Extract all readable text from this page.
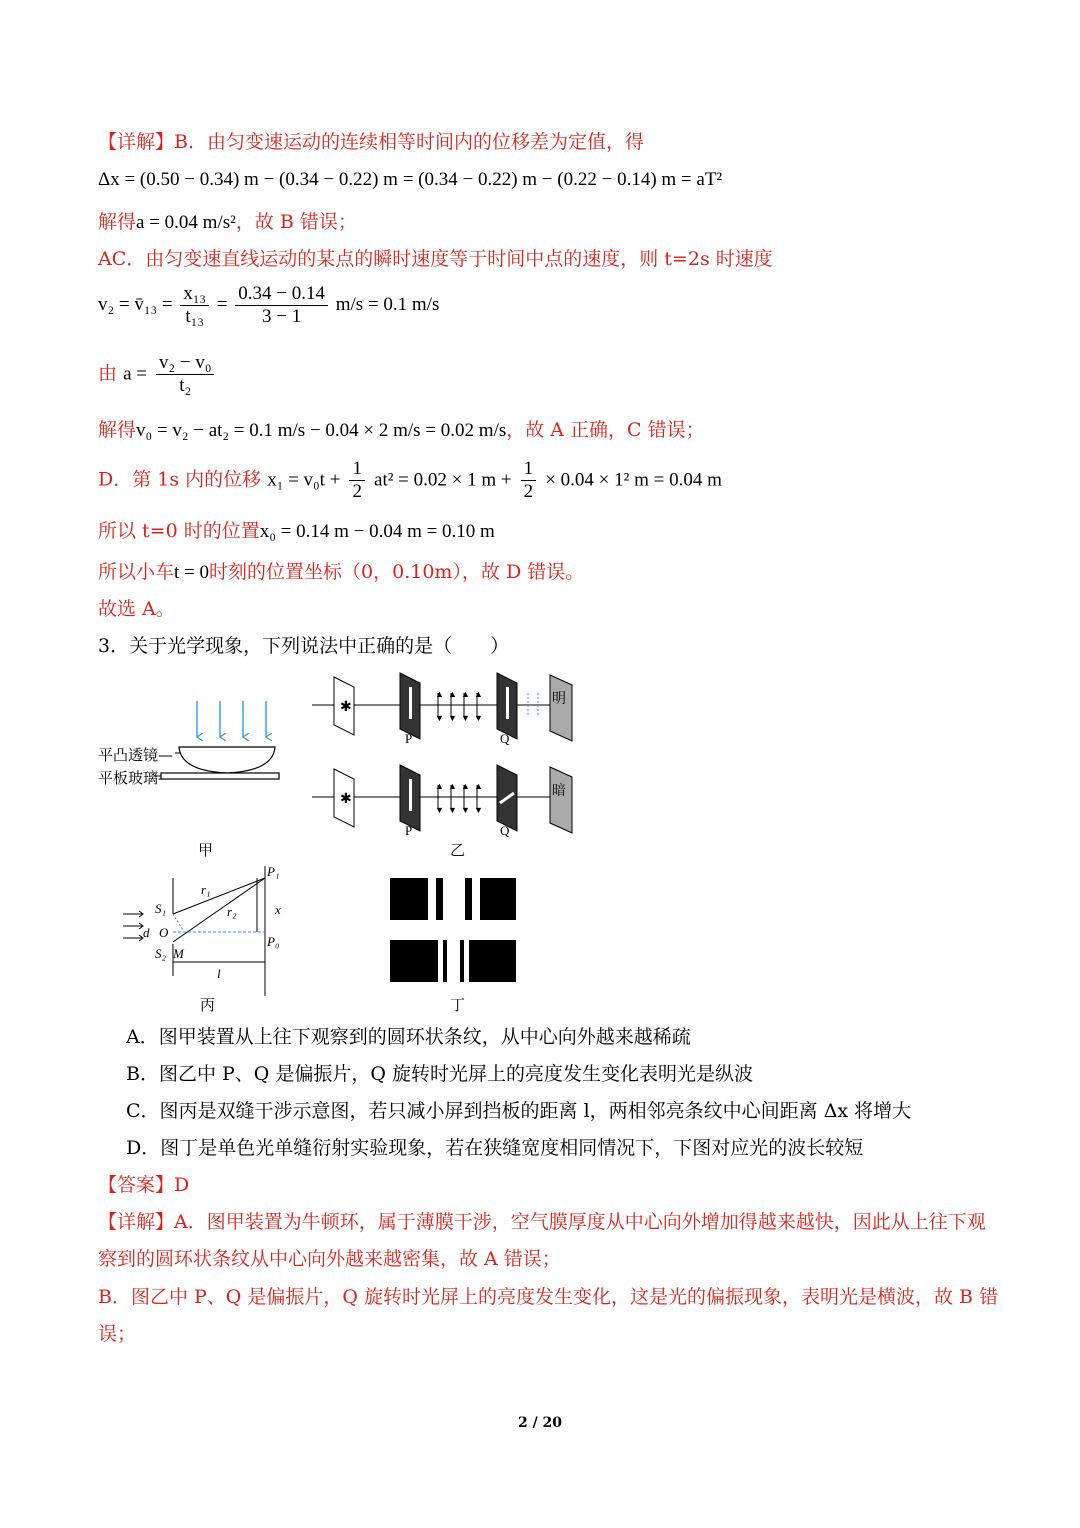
【详解】B．由匀变速运动的连续相等时间内的位移差为定值，得
Δx = (0.50 − 0.34) m − (0.34 − 0.22) m = (0.34 − 0.22) m − (0.22 − 0.14) m = aT²
解得a = 0.04 m/s²，故 B 错误；
AC．由匀变速直线运动的某点的瞬时速度等于时间中点的速度，则 t=2s 时速度
v₂ = v̄₁₃ = $\frac{\text{x₁₃}}{\text{t₁₃}} = \frac{0.34 - 0.14}{3 - 1} m/s = 0.1$ m/s
由 $a = \frac{\text{v₂ − v₀}}{\text{t₂}}$
解得v₀ = v₂ − at₂ = 0.1 m/s − 0.04 × 2 m/s = 0.02 m/s，故 A 正确，C 错误；
D．第 1s 内的位移 $x_1 = v_0t + \frac{1}{2} at^2 = 0.02 \times 1$ $m + \frac{1}{2} \times 0.04 \times 1^2$ m = 0.04 m
所以 t=0 时的位置x₀ = 0.14 m − 0.04 m = 0.10 m
所以小车t = 0时刻的位置坐标（0，0.10m），故 D 错误。
故选 A。
3．关于光学现象，下列说法中正确的是（　　）
平凸透镜—
平板玻璃—
甲
✱
▲
▼
▲
▼
▲
▼
▲
▼
✱
▲
▼
▲
▼
▲
▼
▲
▼
P	Q
明
P	Q
暗
乙
S₁
d O
S₂ M
r₁
r₂
P₁
x
P₀
l
丙	丁
A．图甲装置从上往下观察到的圆环状条纹，从中心向外越来越稀疏
B．图乙中 P、Q 是偏振片，Q 旋转时光屏上的亮度发生变化表明光是纵波
C．图丙是双缝干涉示意图，若只减小屏到挡板的距离 l，两相邻亮条纹中心间距离 Δx 将增大
D．图丁是单色光单缝衍射实验现象，若在狭缝宽度相同情况下，下图对应光的波长较短
【答案】D
【详解】A．图甲装置为牛顿环，属于薄膜干涉，空气膜厚度从中心向外增加得越来越快，因此从上往下观
察到的圆环状条纹从中心向外越来越密集，故 A 错误；
B．图乙中 P、Q 是偏振片，Q 旋转时光屏上的亮度发生变化，这是光的偏振现象，表明光是横波，故 B 错
误；
2 / 20
